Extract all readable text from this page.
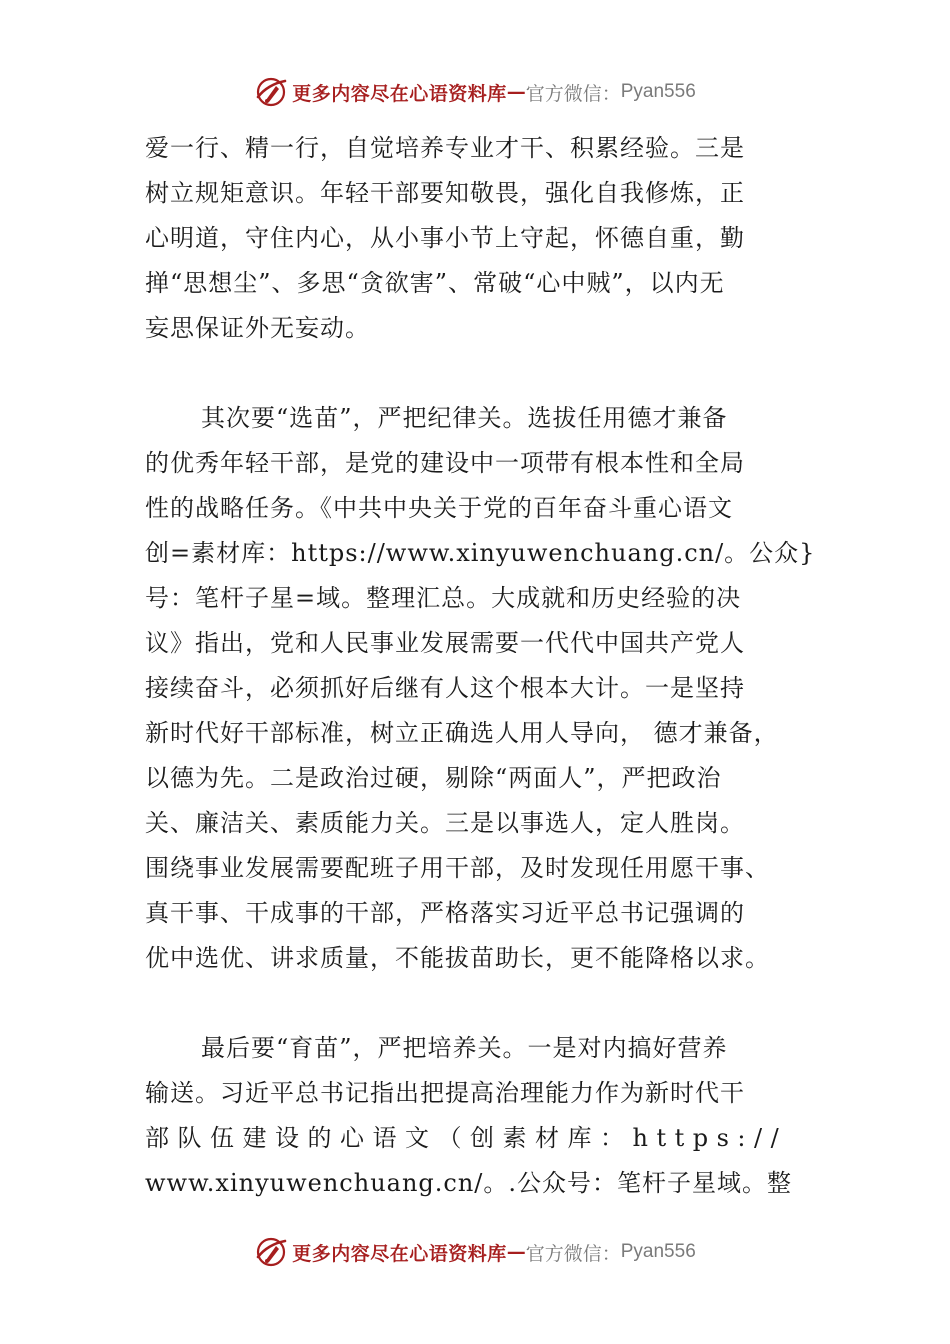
更多内容尽在心语资料库 — 官方微信： Pyan556
爱一行、精一行，自觉培养专业才干、积累经验。三是
树立规矩意识。年轻干部要知敬畏，强化自我修炼，正
心明道，守住内心，从小事小节上守起，怀德自重，勤
掸“思想尘”、多思“贪欲害”、常破“心中贼”，以内无
妄思保证外无妄动。
其次要“选苗”，严把纪律关。选拔任用德才兼备
的优秀年轻干部，是党的建设中一项带有根本性和全局
性的战略任务。《中共中央关于党的百年奋斗重心语文
创=素材库：https://www.xinyuwenchuang.cn/。公众}
号：笔杆子星=域。整理汇总。大成就和历史经验的决
议》指出，党和人民事业发展需要一代代中国共产党人
接续奋斗，必须抓好后继有人这个根本大计。一是坚持
新时代好干部标准，树立正确选人用人导向， 德才兼备，
以德为先。二是政治过硬，剔除“两面人”，严把政治
关、廉洁关、素质能力关。三是以事选人，定人胜岗。
围绕事业发展需要配班子用干部，及时发现任用愿干事、
真干事、干成事的干部，严格落实习近平总书记强调的
优中选优、讲求质量，不能拔苗助长，更不能降格以求。
最后要“育苗”，严把培养关。一是对内搞好营养
输送。习近平总书记指出把提高治理能力作为新时代干
部队伍建设的心语文（创素材库：https://
www.xinyuwenchuang.cn/。.公众号：笔杆子星域。整
更多内容尽在心语资料库 — 官方微信： Pyan556
